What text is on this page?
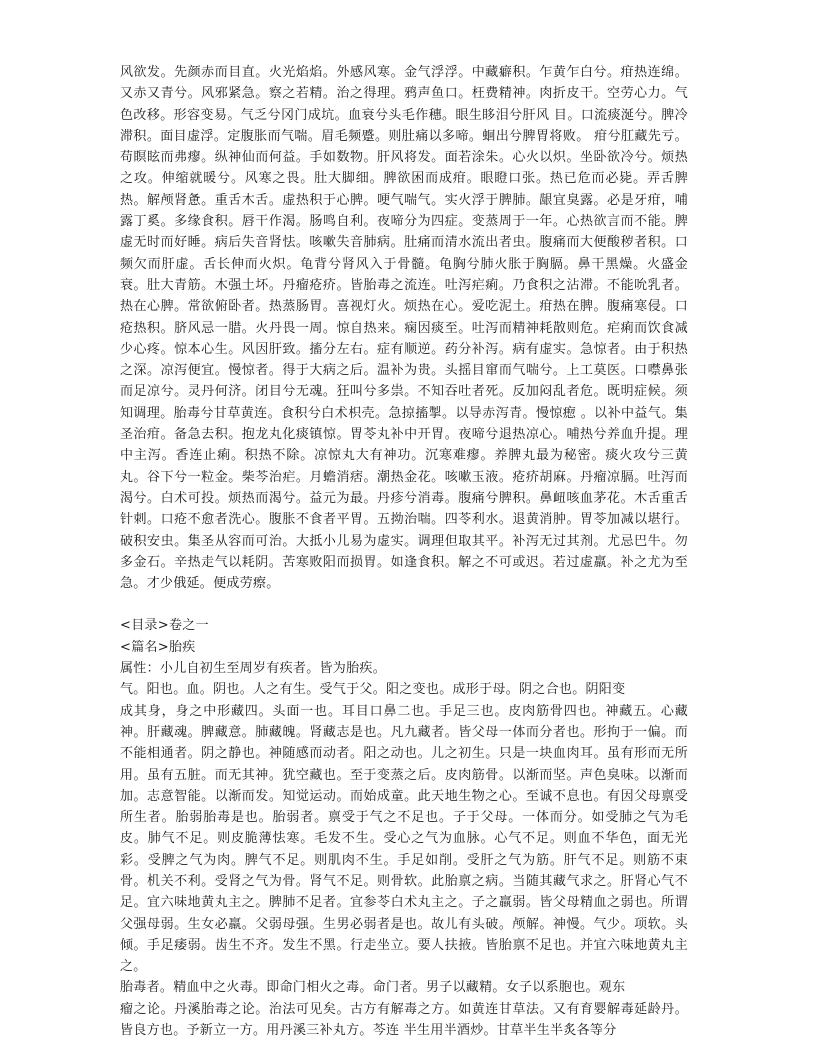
风欲发。先颜赤而目直。火光焰焰。外感风寒。金气浮浮。中藏癖积。乍黄乍白兮。疳热连绵。又赤又青兮。风邪紧急。察之若精。治之得理。鸦声鱼口。枉费精神。肉折皮干。空劳心力。气色改移。形容变易。气乏兮冈门成坑。血衰兮头毛作穗。眼生眵泪兮肝风 目。口流痰涎兮。脾冷滞积。面目虚浮。定腹胀而气喘。眉毛频蹙。则肚痛以多啼。蛔出兮脾胃将败。 疳兮肛藏先亏。苟瞑眩而弗瘳。纵神仙而何益。手如数物。肝风将发。面若涂朱。心火以炽。坐卧欲冷兮。烦热之攻。伸缩就暖兮。风寒之畏。肚大脚细。脾欲困而成疳。眼瞪口张。热已危而必毙。弄舌脾热。解颅肾惫。重舌木舌。虚热积于心脾。哽气喘气。实火浮于脾肺。龈宜臭露。必是牙疳，哺露丁奚。多缘食积。唇干作渴。肠鸣自利。夜啼分为四症。变蒸周于一年。心热欲言而不能。脾虚无时而好睡。病后失音肾怯。咳嗽失音肺病。肚痛而清水流出者虫。腹痛而大便酸秽者积。口频欠而肝虚。舌长伸而火炽。龟背兮肾风入于骨髓。龟胸兮肺火胀于胸膈。鼻干黑燥。火盛金衰。肚大青筋。木强土坏。丹瘤疮疥。皆胎毒之流连。吐泻疟痢。乃食积之沾滞。不能吮乳者。热在心脾。常欲俯卧者。热蒸肠胃。喜视灯火。烦热在心。爱吃泥土。疳热在脾。腹痛寒侵。口疮热积。脐风忌一腊。火丹畏一周。惊自热来。痫因痰至。吐泻而精神耗散则危。疟痢而饮食减少心疼。惊本心生。风因肝致。搐分左右。症有顺逆。药分补泻。病有虚实。急惊者。由于积热之深。凉泻便宜。慢惊者。得于大病之后。温补为贵。头摇目窜而气喘兮。上工莫医。口噤鼻张而足凉兮。灵丹何济。闭目兮无魂。狂叫兮多祟。不知吞吐者死。反加闷乱者危。既明症候。须知调理。胎毒兮甘草黄连。食积兮白术枳壳。急掠搐掣。以导赤泻青。慢惊瘛 。以补中益气。集圣治疳。备急去积。抱龙丸化痰镇惊。胃苓丸补中开胃。夜啼兮退热凉心。哺热兮养血升提。理中主泻。香连止痢。积热不除。凉惊丸大有神功。沉寒难瘳。养脾丸最为秘密。痰火攻兮三黄丸。谷下兮一粒金。柴芩治疟。月蟾消痞。潮热金花。咳嗽玉液。疮疥胡麻。丹瘤凉膈。吐泻而渴兮。白术可投。烦热而渴兮。益元为最。丹疹兮消毒。腹痛兮脾积。鼻衄咳血茅花。木舌重舌针刺。口疮不愈者洗心。腹胀不食者平胃。五拗治喘。四苓利水。退黄消肿。胃苓加减以堪行。破积安虫。集圣从容而可治。大抵小儿易为虚实。调理但取其平。补泻无过其剂。尤忌巴牛。勿多金石。辛热走气以耗阴。苦寒败阳而损胃。如逢食积。解之不可或迟。若过虚羸。补之尤为至急。才少俄延。便成劳瘵。

<目录>卷之一

<篇名>胎疾

属性：小儿自初生至周岁有疾者。皆为胎疾。

气。阳也。血。阴也。人之有生。受气于父。阳之变也。成形于母。阴之合也。阴阳变

成其身，身之中形藏四。头面一也。耳目口鼻二也。手足三也。皮肉筋骨四也。神藏五。心藏神。肝藏魂。脾藏意。肺藏魄。肾藏志是也。凡九藏者。皆父母一体而分者也。形拘于一偏。而不能相通者。阴之静也。神随感而动者。阳之动也。儿之初生。只是一块血肉耳。虽有形而无所用。虽有五脏。而无其神。犹空藏也。至于变蒸之后。皮肉筋骨。以渐而坚。声色臭味。以渐而加。志意智能。以渐而发。知觉运动。而始成童。此天地生物之心。至诚不息也。有因父母禀受所生者。胎弱胎毒是也。胎弱者。禀受于气之不足也。子于父母。一体而分。如受肺之气为毛皮。肺气不足。则皮脆薄怯寒。毛发不生。受心之气为血脉。心气不足。则血不华色，面无光彩。受脾之气为肉。脾气不足。则肌肉不生。手足如削。受肝之气为筋。肝气不足。则筋不束骨。机关不利。受肾之气为骨。肾气不足。则骨软。此胎禀之病。当随其藏气求之。肝肾心气不足。宜六味地黄丸主之。脾肺不足者。宜参苓白术丸主之。子之羸弱。皆父母精血之弱也。所谓父强母弱。生女必羸。父弱母强。生男必弱者是也。故儿有头破。颅解。神慢。气少。项软。头倾。手足痿弱。齿生不齐。发生不黑。行走坐立。要人扶掖。皆胎禀不足也。并宜六味地黄丸主之。

胎毒者。精血中之火毒。即命门相火之毒。命门者。男子以藏精。女子以系胞也。观东

瘤之论。丹溪胎毒之论。治法可见矣。古方有解毒之方。如黄连甘草法。又有育婴解毒延龄丹。皆良方也。予新立一方。用丹溪三补丸方。芩连 半生用半酒炒。甘草半生半炙各等分
